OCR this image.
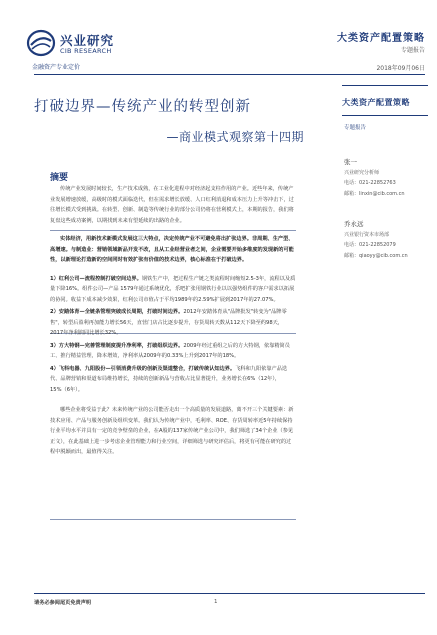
兴业研究
CIB RESEARCH
金融资产专业定价
大类资产配置策略
专题报告
2018年09月06日
打破边界—传统产业的转型创新
—商业模式观察第十四期
摘要

传统产业发展时间较长，生产技术成熟，在工业化进程中对经济起支柱作用的产业。近些年来，传统产业发展增速放缓，高级时的模式面临迭代，但在需求增长放缓、人口红利消退和成本压力上升等冲击下，过往增长模式受到挑战。在转型、创新、制造等传统行业的部分公司仍将在营利模式上，本期的报告，我们将复盘这些成功案例，以期找到未来有望延续的出路的企业。

实体经济，用新技术新模式发展这三大特点，决定传统产业不可避免将出扩张边界。非周期、生产型、高增速。与制造业：营销领域新品开发不改，且从工业经营业者之间，企业需要开始多维度的发现新的可能性，以新理论打造新的空间同时有效扩张有价值的技术边界，核心标准在于打破边界。

1）红利公司—流程控制打破空间边界。钢铁生产中，把过程生产链之类流程时间缩短2.5-3年，流程以及质量下降16%。组件公司—产品 1579年通过系统优化，乐吧扩张用钢铁行业以以强势组件的客户需求以拓展的协同。收益下成本减少效果，红利公司市值占于平均1989年的2.59%扩展到2017年的27.07%。

2）安踏体育—全链条管理突破成长周期，打破时间边界。2012年安踏体育从"品牌批发"转变为"品牌零售"，转型后盈利再加能力增长56天，直营门店占比逐步提升，存货周转天数从112天下降至约98天，2017年净利润同比增长32%。

3）方大特钢—完善管理制度提升净利率，打破组织边界。2009年经过重组之后的方大特钢，依靠精简员工、推行精益管理，降本增效，净利率从2009年的0.33%上升到2017年的18%。

4）飞科电器、九阳股份—引领消费升级的创新及渠道整合，打破传统认知边界。飞科和九阳依靠产品迭代、品牌营销和渠道布局维持增长，持续的创新新品与营收占比显著提升，业务增长在6%（12年），15%（6年）。

哪些企业将受益于此？未来传统产业的公司能否走出一个高质量的发展道路，离不开三个关键要素：新技术应用、产品与服务创新及组织变革。我们认为传统产业中，毛利率、ROE、存货周转率近5年持续保持行业平均水平并具有一定的竞争壁垒的企业，在A股的137家传统产业公司中，我们筛选了34个企业（参见正文），在此基础上进一步考虑企业管理能力和行业空间，详细筛选与研究评估后，将更有可能在研究的过程中脱颖而出，最值得关注。

大类资产配置策略
专题报告
张一
兴业研究分析师
电话：021-22852763
邮箱：linxin@cib.com.cn
乔永远
兴业银行资本市场部
电话：021-22852079
邮箱：qiaoyy@cib.com.cn
请务必参阅尾页免责声明	1
